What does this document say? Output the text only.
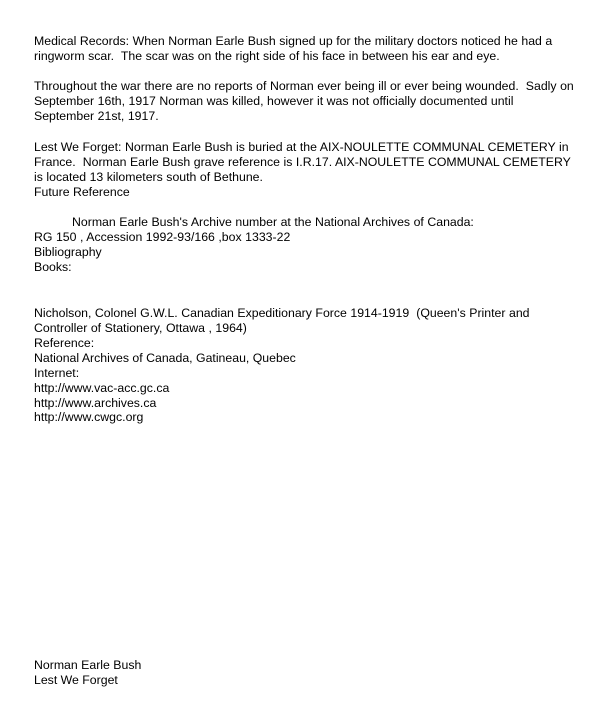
Medical Records: When Norman Earle Bush signed up for the military doctors noticed he had a ringworm scar.  The scar was on the right side of his face in between his ear and eye.

Throughout the war there are no reports of Norman ever being ill or ever being wounded.  Sadly on September 16th, 1917 Norman was killed, however it was not officially documented until September 21st, 1917.

Lest We Forget: Norman Earle Bush is buried at the AIX-NOULETTE COMMUNAL CEMETERY in France.  Norman Earle Bush grave reference is I.R.17. AIX-NOULETTE COMMUNAL CEMETERY is located 13 kilometers south of Bethune.

Future Reference

Norman Earle Bush's Archive number at the National Archives of Canada:

RG 150 , Accession 1992-93/166 ,box 1333-22

Bibliography

Books:

Nicholson, Colonel G.W.L. Canadian Expeditionary Force 1914-1919  (Queen's Printer and Controller of Stationery, Ottawa , 1964)

Reference:

National Archives of Canada, Gatineau, Quebec

Internet:

http://www.vac-acc.gc.ca
http://www.archives.ca
http://www.cwgc.org
Norman Earle Bush
Lest We Forget
